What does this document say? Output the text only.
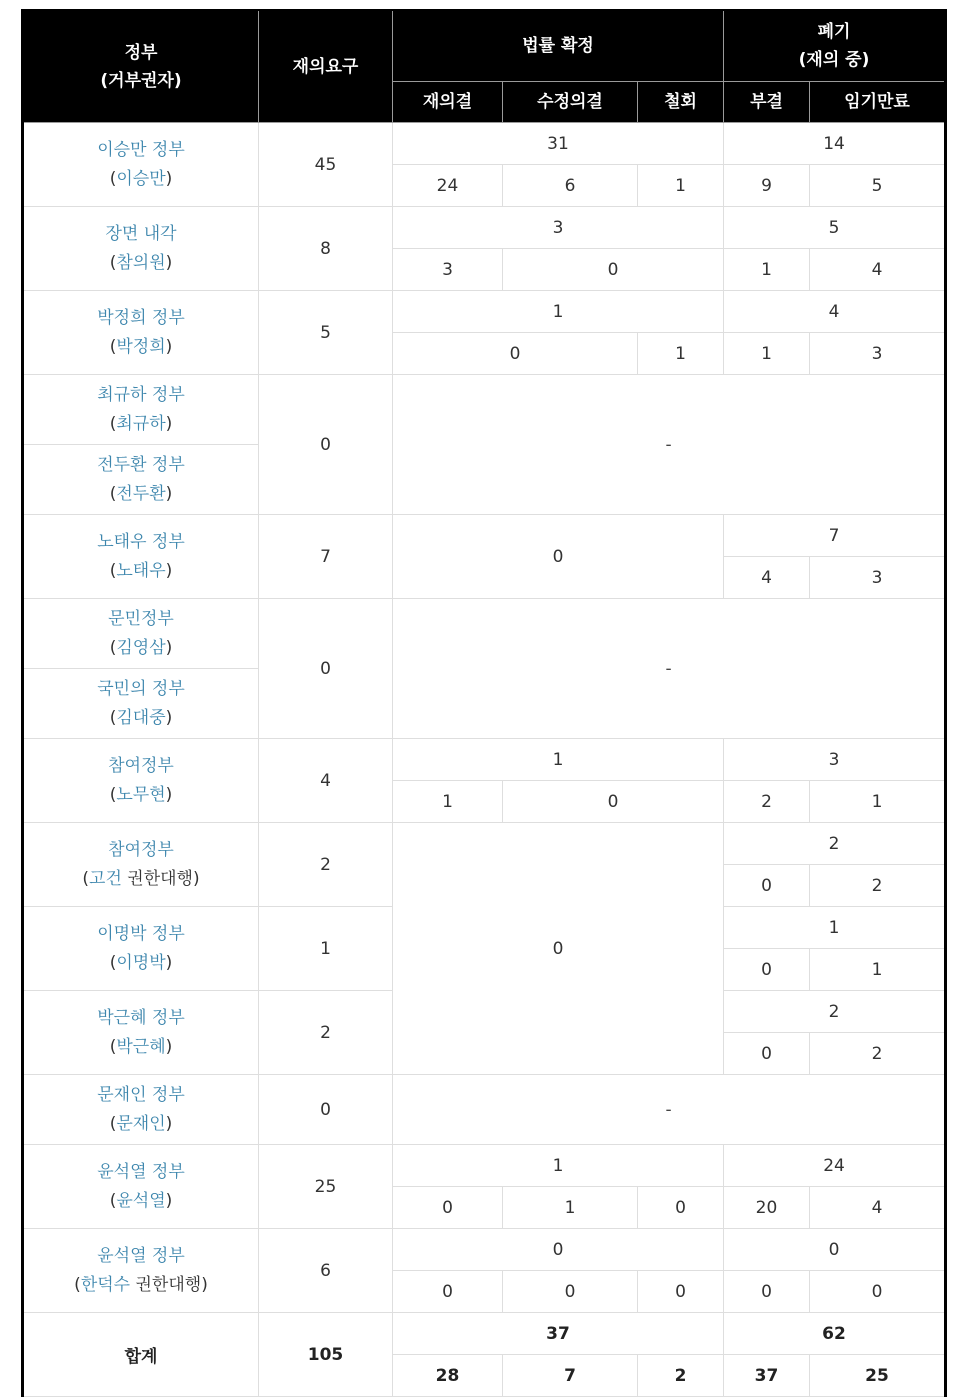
정부
(거부권자)	재의요구	법률 확정			폐기
(재의 중)	
		재의결	수정의결	철회	부결	임기만료
이승만 정부
(이승만)	45	31			14	
		24	6	1	9	5
장면 내각
(참의원)	8	3			5	
		3	0		1	4
박정희 정부
(박정희)	5	1			4	
		0		1	1	3
최규하 정부
(최규하)	0	-				
전두환 정부
(전두환)						
노태우 정부
(노태우)	7	0			7	
					4	3
문민정부
(김영삼)	0	-				
국민의 정부
(김대중)						
참여정부
(노무현)	4	1			3	
		1	0		2	1
참여정부
(고건 권한대행)	2	0			2	
					0	2
이명박 정부
(이명박)	1				1	
					0	1
박근혜 정부
(박근혜)	2				2	
					0	2
문재인 정부
(문재인)	0	-				
윤석열 정부
(윤석열)	25	1			24	
		0	1	0	20	4
윤석열 정부
(한덕수 권한대행)	6	0			0	
		0	0	0	0	0
합계	105	37			62	
		28	7	2	37	25
